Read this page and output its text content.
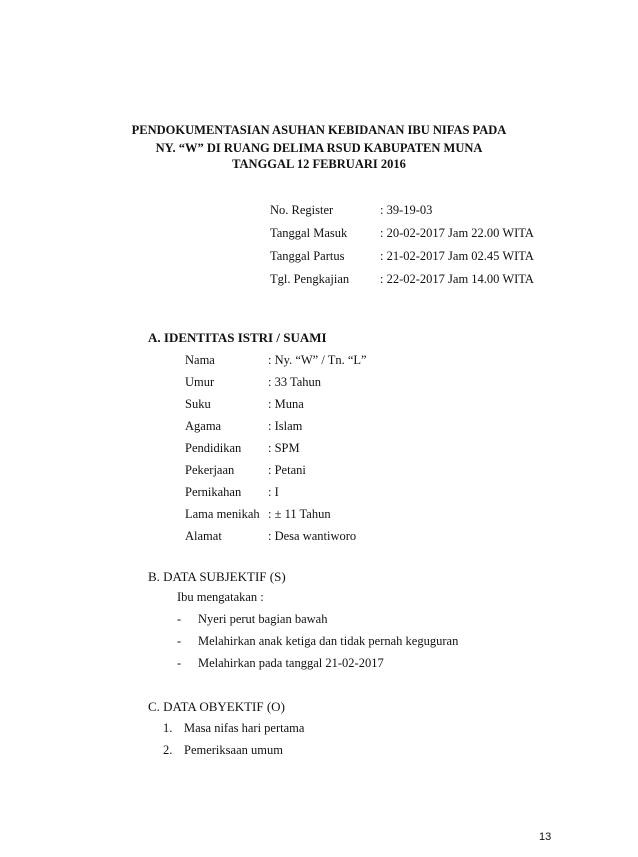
PENDOKUMENTASIAN ASUHAN KEBIDANAN IBU NIFAS PADA
NY. “W” DI RUANG DELIMA RSUD KABUPATEN MUNA
TANGGAL 12 FEBRUARI 2016
No. Register	: 39-19-03
Tanggal Masuk	: 20-02-2017 Jam 22.00 WITA
Tanggal Partus	: 21-02-2017 Jam 02.45 WITA
Tgl. Pengkajian : 22-02-2017 Jam 14.00 WITA
A. IDENTITAS ISTRI / SUAMI
Nama	: Ny. “W” / Tn. “L”
Umur	: 33 Tahun
Suku	: Muna
Agama	: Islam
Pendidikan : SPM
Pekerjaan	: Petani
Pernikahan : I
Lama menikah : ± 11 Tahun
Alamat	: Desa wantiworo
B. DATA SUBJEKTIF (S)
Ibu mengatakan :
- Nyeri perut bagian bawah
- Melahirkan anak ketiga dan tidak pernah keguguran
- Melahirkan pada tanggal 21-02-2017
C. DATA OBYEKTIF (O)
1. Masa nifas hari pertama
2. Pemeriksaan umum
13
